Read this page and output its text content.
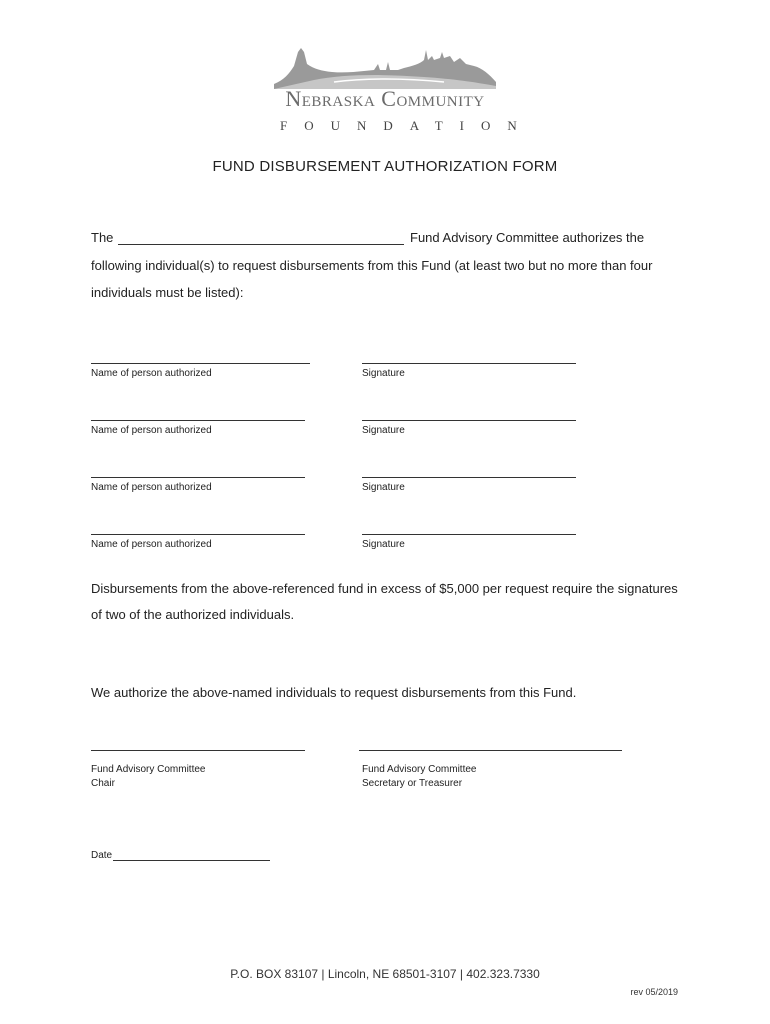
Nebraska Community
FOUNDATION
FUND DISBURSEMENT AUTHORIZATION FORM
The	Fund Advisory Committee authorizes the
following individual(s) to request disbursements from this Fund (at least two but no more than four
individuals must be listed):
Name of person authorized	Signature
Name of person authorized	Signature
Name of person authorized	Signature
Name of person authorized	Signature
Disbursements from the above-referenced fund in excess of $5,000 per request require the signatures
of two of the authorized individuals.
We authorize the above-named individuals to request disbursements from this Fund.
Fund Advisory Committee
Chair
Fund Advisory Committee
Secretary or Treasurer
Date
P.O. BOX 83107 | Lincoln, NE 68501-3107 | 402.323.7330
rev 05/2019
